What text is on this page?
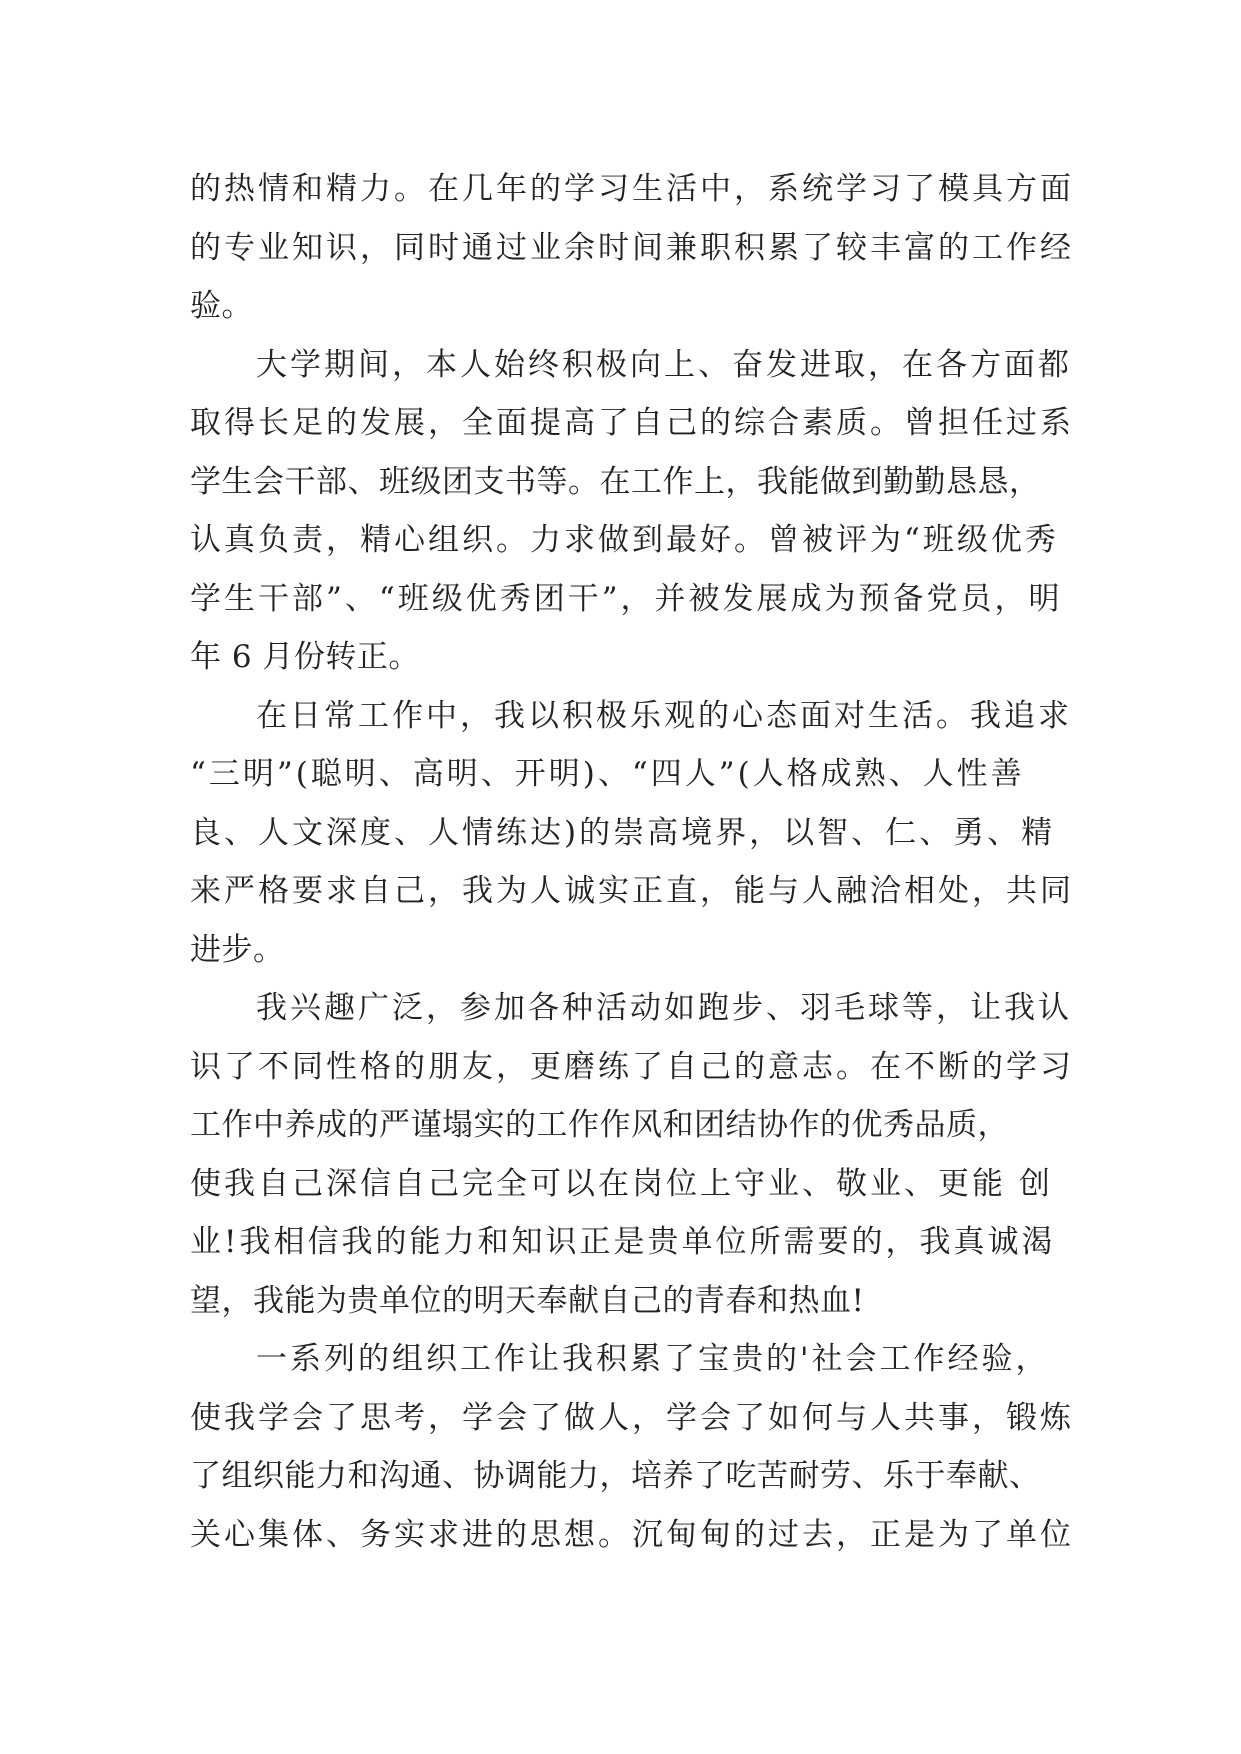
的热情和精力。在几年的学习生活中，系统学习了模具方面
的专业知识，同时通过业余时间兼职积累了较丰富的工作经
验。
大学期间，本人始终积极向上、奋发进取，在各方面都
取得长足的发展，全面提高了自己的综合素质。曾担任过系
学生会干部、班级团支书等。在工作上，我能做到勤勤恳恳，
认真负责，精心组织。力求做到最好。曾被评为“班级优秀
学生干部”、“班级优秀团干”，并被发展成为预备党员，明
年 6 月份转正。
在日常工作中，我以积极乐观的心态面对生活。我追求
“三明”(聪明、高明、开明)、“四人”(人格成熟、人性善
良、人文深度、人情练达)的崇高境界，以智、仁、勇、精
来严格要求自己，我为人诚实正直，能与人融洽相处，共同
进步。
我兴趣广泛，参加各种活动如跑步、羽毛球等，让我认
识了不同性格的朋友，更磨练了自己的意志。在不断的学习
工作中养成的严谨塌实的工作作风和团结协作的优秀品质，
使我自己深信自己完全可以在岗位上守业、敬业、更能 创
业!我相信我的能力和知识正是贵单位所需要的，我真诚渴
望，我能为贵单位的明天奉献自己的青春和热血!
一系列的组织工作让我积累了宝贵的'社会工作经验，
使我学会了思考，学会了做人，学会了如何与人共事，锻炼
了组织能力和沟通、协调能力，培养了吃苦耐劳、乐于奉献、
关心集体、务实求进的思想。沉甸甸的过去，正是为了单位
